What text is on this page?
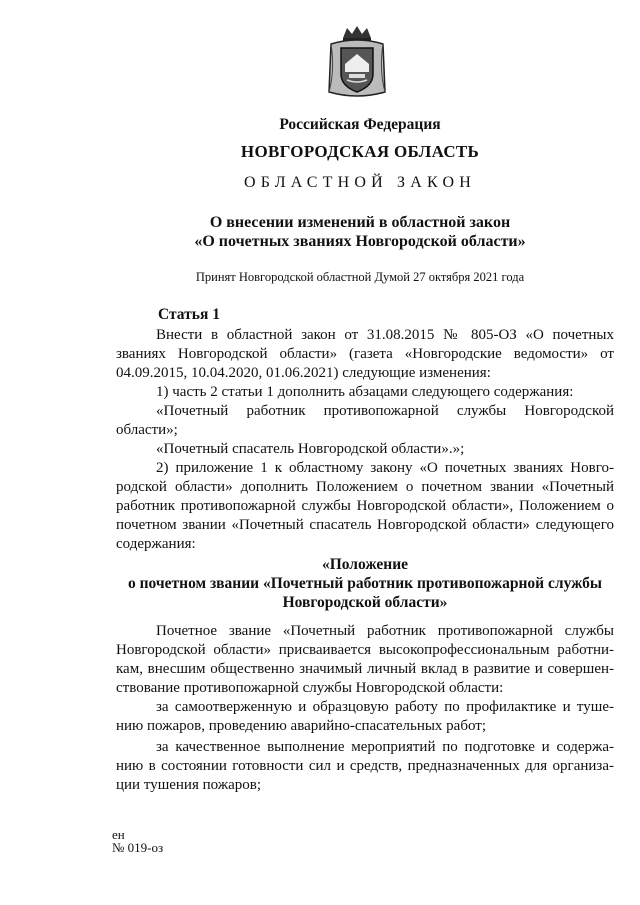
Российская Федерация
НОВГОРОДСКАЯ ОБЛАСТЬ
ОБЛАСТНОЙ ЗАКОН
О внесении изменений в областной закон
«О почетных званиях Новгородской области»
Принят Новгородской областной Думой 27 октября 2021 года
Статья 1
Внести в областной закон от 31.08.2015 № 805-ОЗ «О почетных
званиях Новгородской области» (газета «Новгородские ведомости» от
04.09.2015, 10.04.2020, 01.06.2021) следующие изменения:
1) часть 2 статьи 1 дополнить абзацами следующего содержания:
«Почетный работник противопожарной службы Новгородской
области»;
«Почетный спасатель Новгородской области».»;
2) приложение 1 к областному закону «О почетных званиях Новго-
родской области» дополнить Положением о почетном звании «Почетный
работник противопожарной службы Новгородской области», Положением о
почетном звании «Почетный спасатель Новгородской области» следующего
содержания:
«Положение
о почетном звании «Почетный работник противопожарной службы
Новгородской области»
Почетное звание «Почетный работник противопожарной службы
Новгородской области» присваивается высокопрофессиональным работни-
кам, внесшим общественно значимый личный вклад в развитие и совершен-
ствование противопожарной службы Новгородской области:
за самоотверженную и образцовую работу по профилактике и туше-
нию пожаров, проведению аварийно-спасательных работ;
за качественное выполнение мероприятий по подготовке и содержа-
нию в состоянии готовности сил и средств, предназначенных для организа-
ции тушения пожаров;
ен
№ 019-оз
